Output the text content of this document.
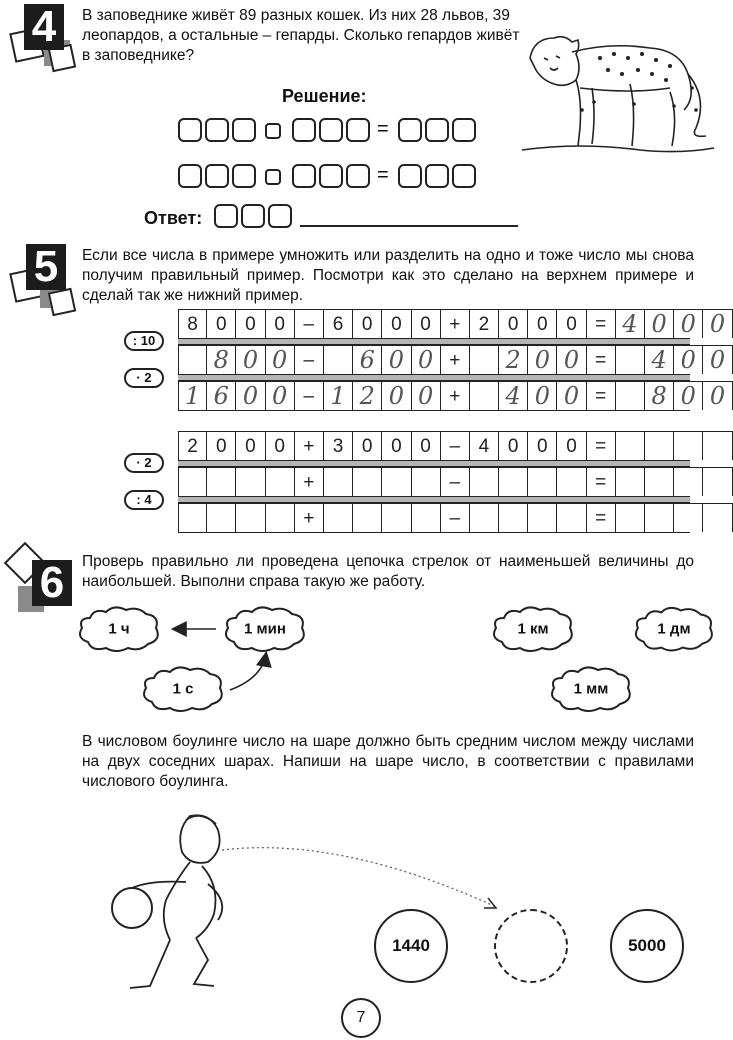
4	В заповеднике живёт 89 разных кошек. Из них 28 львов, 39 леопардов, а остальные – гепарды. Сколько гепардов живёт в заповеднике?
Решение:
=
=
Ответ:
5	Если все числа в примере умножить или разделить на одно и тоже число мы снова получим правильный пример. Посмотри как это сделано на верхнем примере и сделай так же нижний пример.
: 10
· 2
8 0 0 0 – 6 0 0 0 + 2 0 0 0 = 4 0 0 0
8 0 0 –	6 0 0 +	2 0 0 =	4 0 0
1 6 0 0 – 1 2 0 0 +	4 0 0 =	8 0 0
· 2
: 4
2 0 0 0 + 3 0 0 0 – 4 0 0 0 =
+	–	=
+	–	=
6	Проверь правильно ли проведена цепочка стрелок от наименьшей величины до наибольшей. Выполни справа такую же работу.
1 ч	1 мин
1 с
1 км	1 дм
1 мм
В числовом боулинге число на шаре должно быть средним числом между числами на двух соседних шарах. Напиши на шаре число, в соответствии с правилами числового боулинга.
1440	5000
7
